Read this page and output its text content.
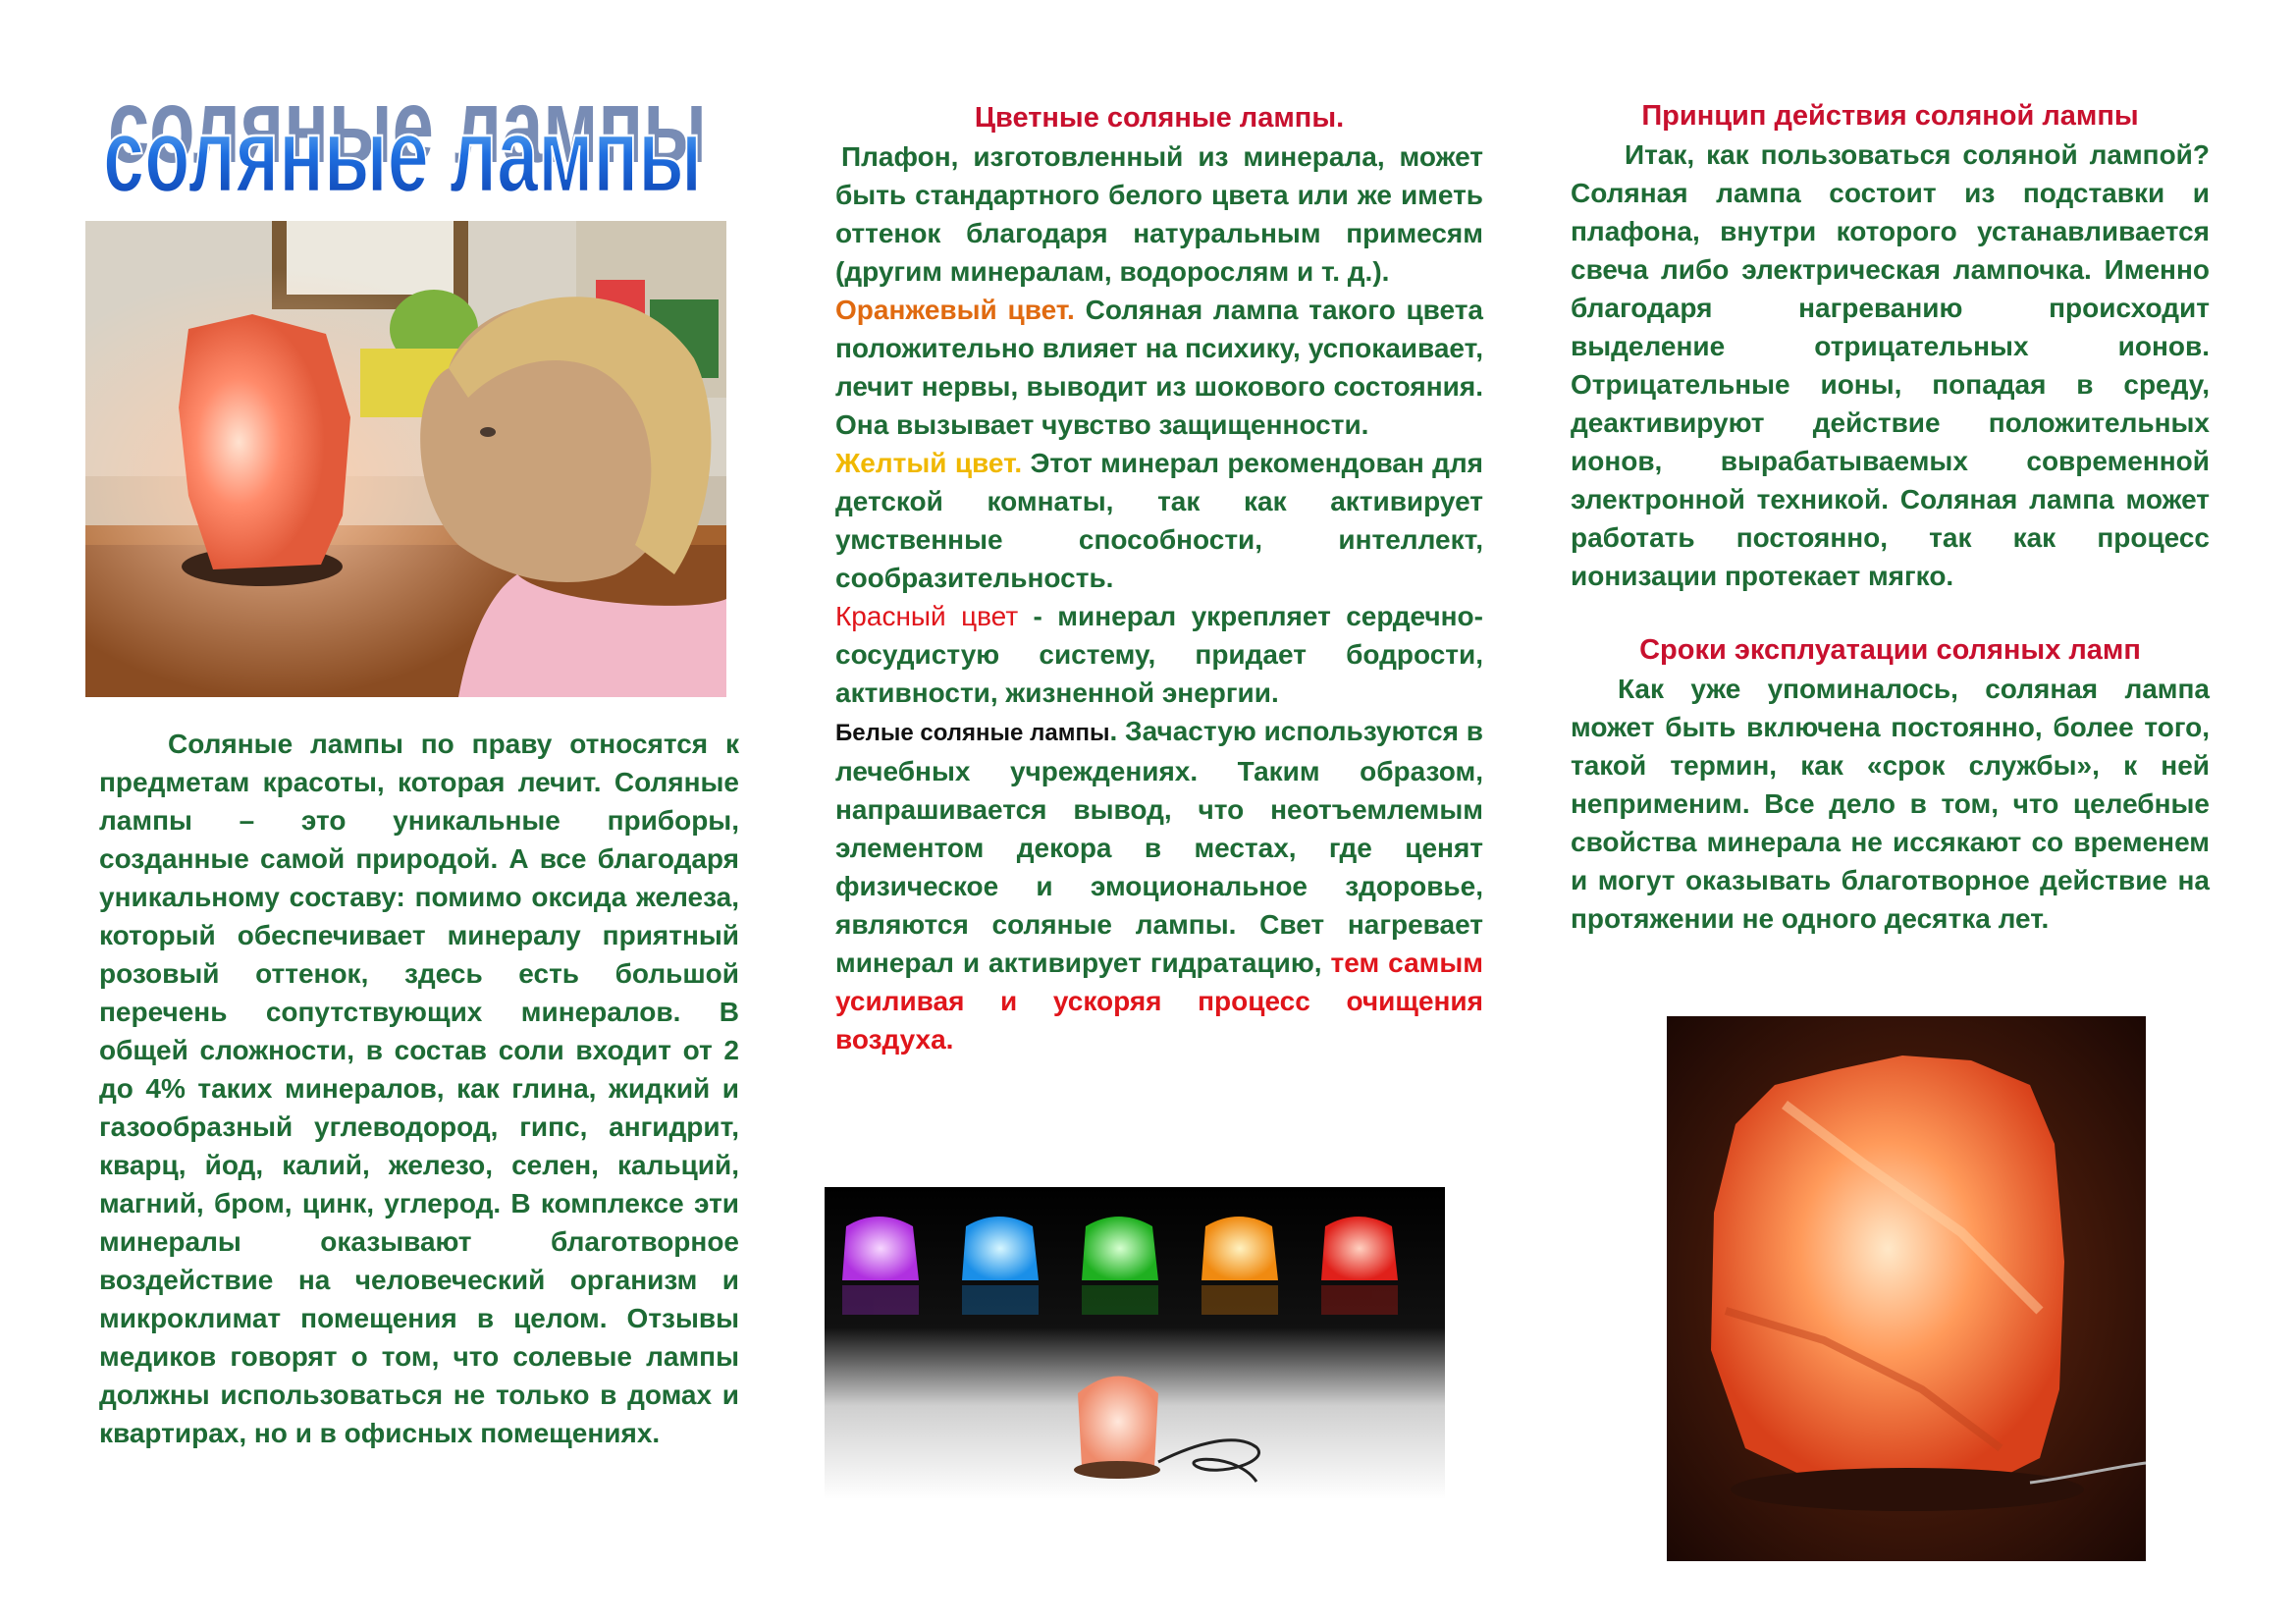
соляные лампы
соляные лампы

Соляные лампы по праву относятся к предметам красоты, которая лечит. Соляные лампы – это уникальные приборы, созданные самой природой. А все благодаря уникальному составу: помимо оксида железа, который обеспечивает минералу приятный розовый оттенок, здесь есть большой перечень сопутствующих минералов. В общей сложности, в состав соли входит от 2 до 4% таких минералов, как глина, жидкий и газообразный углеводород, гипс, ангидрит, кварц, йод, калий, железо, селен, кальций, магний, бром, цинк, углерод. В комплексе эти минералы оказывают благотворное воздействие на человеческий организм и микроклимат помещения в целом. Отзывы медиков говорят о том, что солевые лампы должны использоваться не только в домах и квартирах, но и в офисных помещениях.

Цветные соляные лампы.

Плафон, изготовленный из минерала, может быть стандартного белого цвета или же иметь оттенок благодаря натуральным примесям (другим минералам, водорослям и т. д.).

Оранжевый цвет. Соляная лампа такого цвета положительно влияет на психику, успокаивает, лечит нервы, выводит из шокового состояния. Она вызывает чувство защищенности.

Желтый цвет. Этот минерал рекомендован для детской комнаты, так как активирует умственные способности, интеллект, сообразительность.

Красный цвет - минерал укрепляет сердечно-сосудистую систему, придает бодрости, активности, жизненной энергии.

Белые соляные лампы. Зачастую используются в лечебных учреждениях. Таким образом, напрашивается вывод, что неотъемлемым элементом декора в местах, где ценят физическое и эмоциональное здоровье, являются соляные лампы. Свет нагревает минерал и активирует гидратацию, тем самым усиливая и ускоряя процесс очищения воздуха.

Принцип действия соляной лампы

Итак, как пользоваться соляной лампой? Соляная лампа состоит из подставки и плафона, внутри которого устанавливается свеча либо электрическая лампочка. Именно благодаря нагреванию происходит выделение отрицательных ионов. Отрицательные ионы, попадая в среду, деактивируют действие положительных ионов, вырабатываемых современной электронной техникой. Соляная лампа может работать постоянно, так как процесс ионизации протекает мягко.

Сроки эксплуатации соляных ламп

Как уже упоминалось, соляная лампа может быть включена постоянно, более того, такой термин, как «срок службы», к ней неприменим. Все дело в том, что целебные свойства минерала не иссякают со временем и могут оказывать благотворное действие на протяжении не одного десятка лет.
